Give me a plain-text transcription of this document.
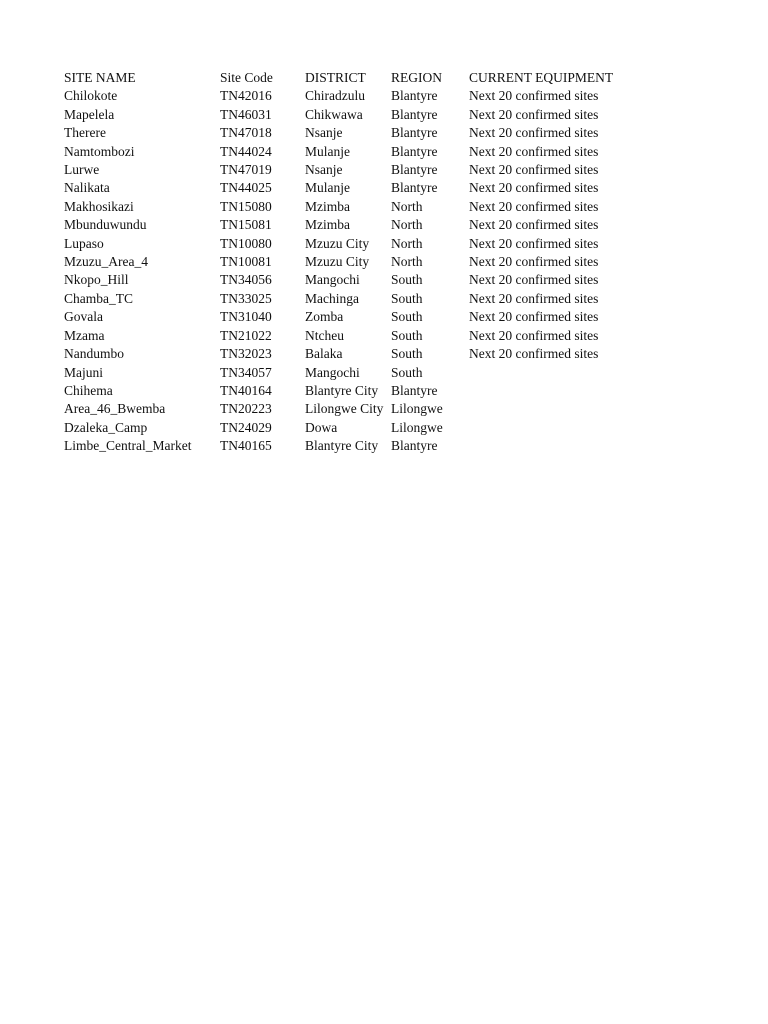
SITE NAME	Site Code	DISTRICT	REGION	CURRENT EQUIPMENT
Chilokote	TN42016	Chiradzulu	Blantyre	Next 20 confirmed sites
Mapelela	TN46031	Chikwawa	Blantyre	Next 20 confirmed sites
Therere	TN47018	Nsanje	Blantyre	Next 20 confirmed sites
Namtombozi	TN44024	Mulanje	Blantyre	Next 20 confirmed sites
Lurwe	TN47019	Nsanje	Blantyre	Next 20 confirmed sites
Nalikata	TN44025	Mulanje	Blantyre	Next 20 confirmed sites
Makhosikazi	TN15080	Mzimba	North	Next 20 confirmed sites
Mbunduwundu	TN15081	Mzimba	North	Next 20 confirmed sites
Lupaso	TN10080	Mzuzu City	North	Next 20 confirmed sites
Mzuzu_Area_4	TN10081	Mzuzu City	North	Next 20 confirmed sites
Nkopo_Hill	TN34056	Mangochi	South	Next 20 confirmed sites
Chamba_TC	TN33025	Machinga	South	Next 20 confirmed sites
Govala	TN31040	Zomba	South	Next 20 confirmed sites
Mzama	TN21022	Ntcheu	South	Next 20 confirmed sites
Nandumbo	TN32023	Balaka	South	Next 20 confirmed sites
Majuni	TN34057	Mangochi	South	
Chihema	TN40164	Blantyre City	Blantyre	
Area_46_Bwemba	TN20223	Lilongwe City	Lilongwe	
Dzaleka_Camp	TN24029	Dowa	Lilongwe	
Limbe_Central_Market	TN40165	Blantyre City	Blantyre	
